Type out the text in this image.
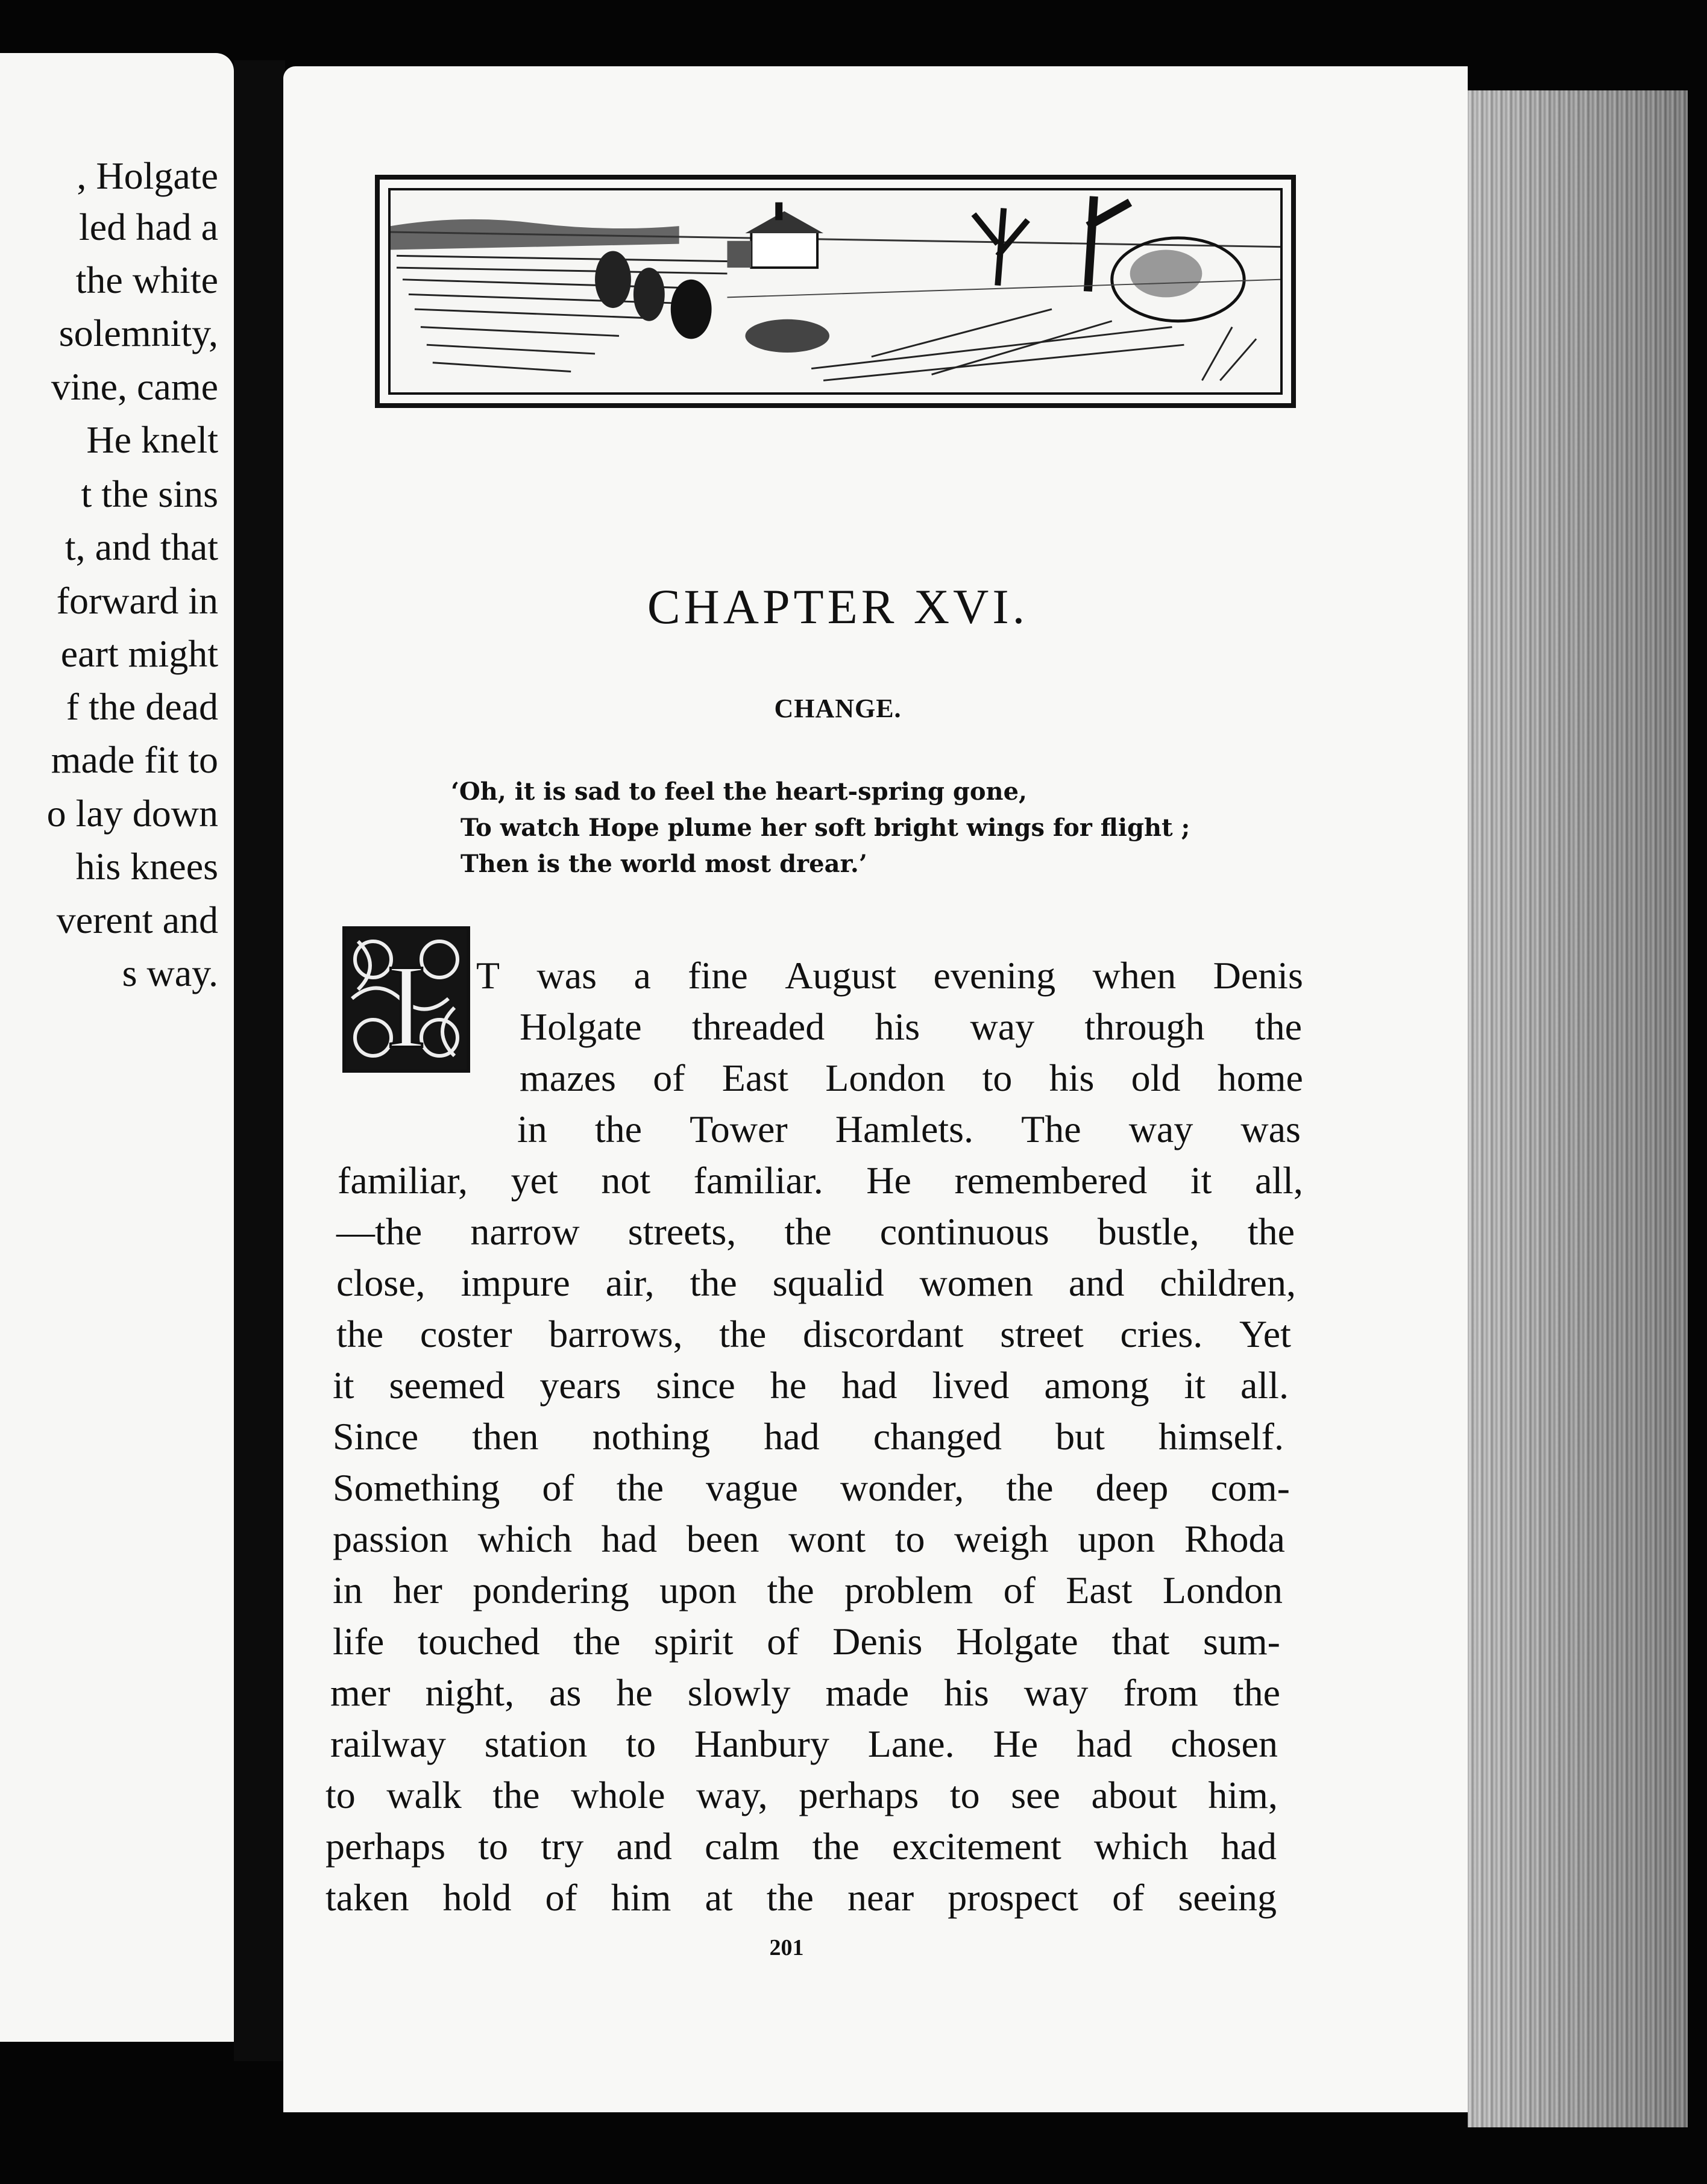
, Holgate
led had a
the white
solemnity,
vine, came
He knelt
t the sins
t, and that
forward in
eart might
f the dead
made fit to
o lay down
his knees
verent and
s way.
CHAPTER XVI.
CHANGE.
‘Oh, it is sad to feel the heart-spring gone,
To watch Hope plume her soft bright wings for flight ;
Then is the world most drear.’
I T was a fine August evening when Denis
Holgate threaded his way through the
mazes of East London to his old home
in the Tower Hamlets. The way was
familiar, yet not familiar. He remembered it all,
—the narrow streets, the continuous bustle, the
close, impure air, the squalid women and children,
the coster barrows, the discordant street cries. Yet
it seemed years since he had lived among it all.
Since then nothing had changed but himself.
Something of the vague wonder, the deep com-
passion which had been wont to weigh upon Rhoda
in her pondering upon the problem of East London
life touched the spirit of Denis Holgate that sum-
mer night, as he slowly made his way from the
railway station to Hanbury Lane. He had chosen
to walk the whole way, perhaps to see about him,
perhaps to try and calm the excitement which had
taken hold of him at the near prospect of seeing
201
